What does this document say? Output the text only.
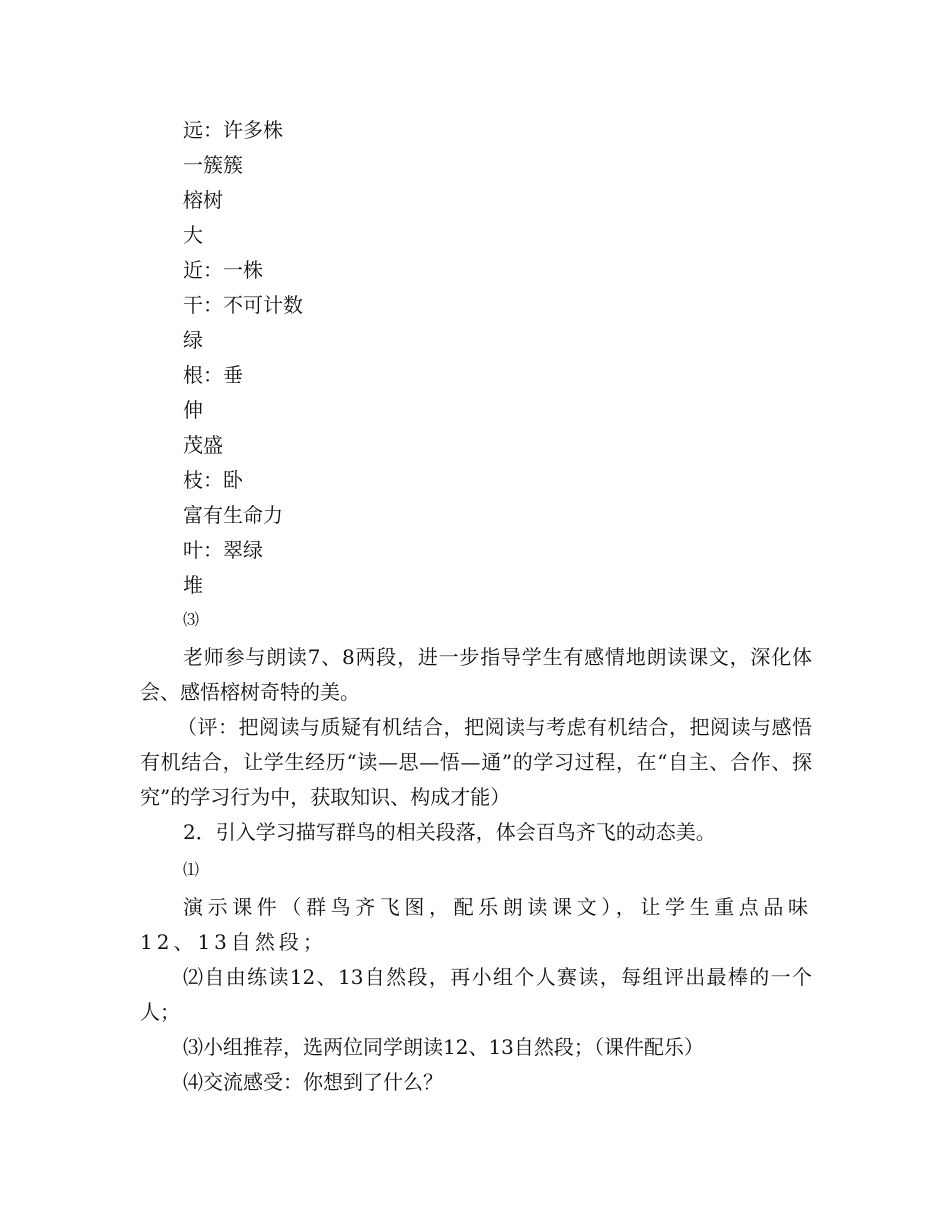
远：许多株
一簇簇
榕树
大
近：一株
干：不可计数
绿
根：垂
伸
茂盛
枝：卧
富有生命力
叶：翠绿
堆
⑶
老师参与朗读7、8两段，进一步指导学生有感情地朗读课文，深化体会、感悟榕树奇特的美。
（评：把阅读与质疑有机结合，把阅读与考虑有机结合，把阅读与感悟有机结合，让学生经历“读—思—悟—通”的学习过程，在“自主、合作、探究”的学习行为中，获取知识、构成才能）
2．引入学习描写群鸟的相关段落，体会百鸟齐飞的动态美。
⑴
演示课件（群鸟齐飞图，配乐朗读课文），让学生重点品味12、13自然段；
⑵自由练读12、13自然段，再小组个人赛读，每组评出最棒的一个人；
⑶小组推荐，选两位同学朗读12、13自然段；（课件配乐）
⑷交流感受：你想到了什么？
